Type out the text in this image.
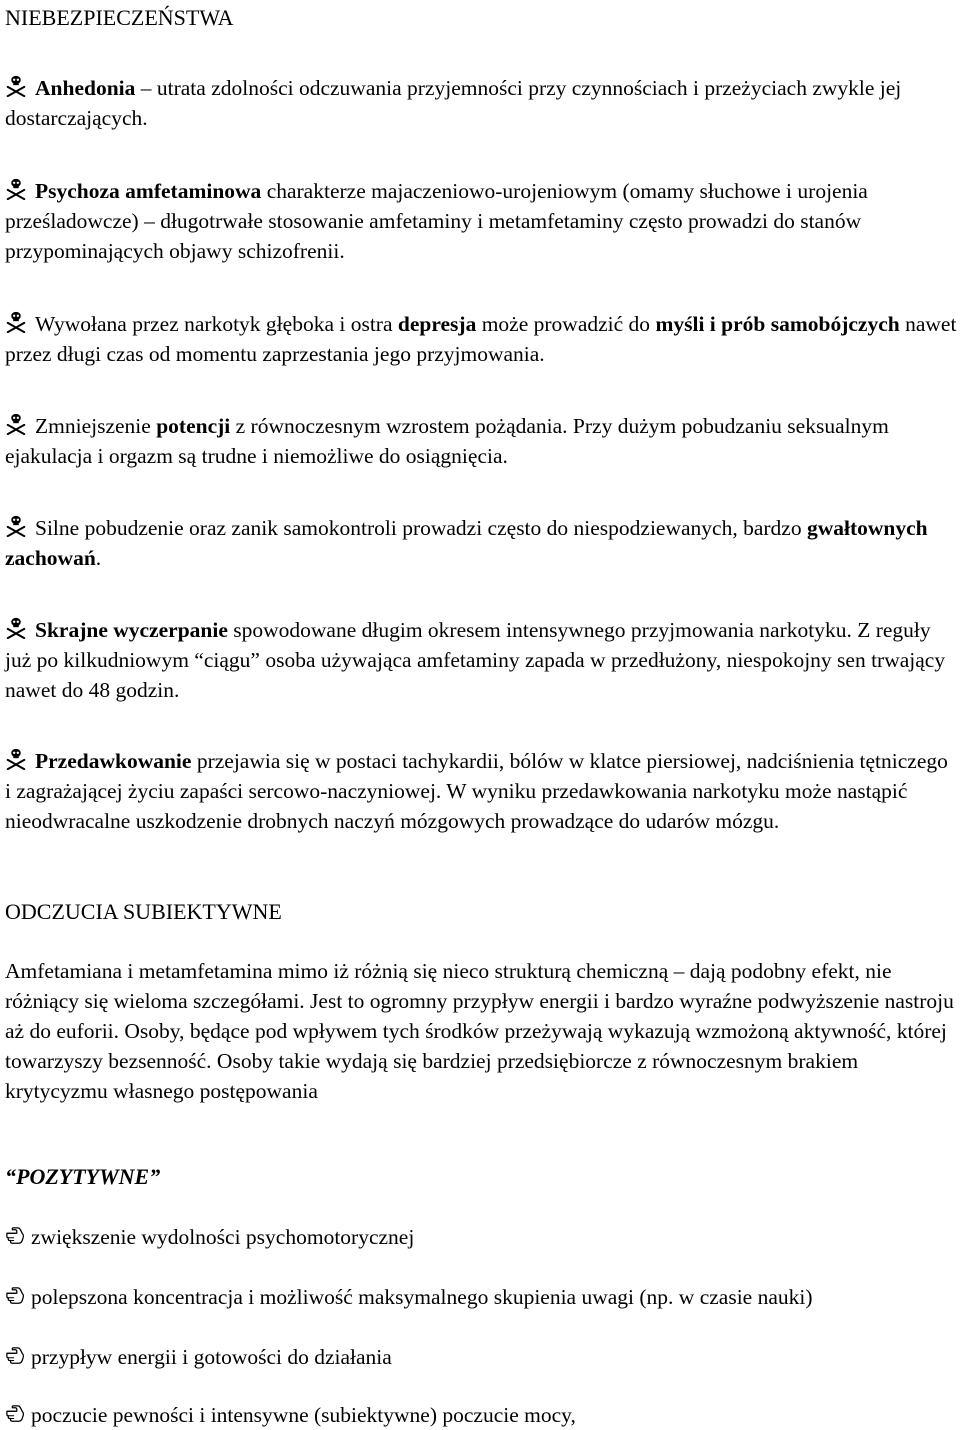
NIEBEZPIECZEŃSTWA

Anhedonia – utrata zdolności odczuwania przyjemności przy czynnościach i przeżyciach zwykle jej dostarczających.

Psychoza amfetaminowa charakterze majaczeniowo-urojeniowym (omamy słuchowe i urojenia prześladowcze) – długotrwałe stosowanie amfetaminy i metamfetaminy często prowadzi do stanów przypominających objawy schizofrenii.

Wywołana przez narkotyk głęboka i ostra depresja może prowadzić do myśli i prób samobójczych nawet przez długi czas od momentu zaprzestania jego przyjmowania.

Zmniejszenie potencji z równoczesnym wzrostem pożądania. Przy dużym pobudzaniu seksualnym ejakulacja i orgazm są trudne i niemożliwe do osiągnięcia.

Silne pobudzenie oraz zanik samokontroli prowadzi często do niespodziewanych, bardzo gwałtownych zachowań.

Skrajne wyczerpanie spowodowane długim okresem intensywnego przyjmowania narkotyku. Z reguły już po kilkudniowym “ciągu” osoba używająca amfetaminy zapada w przedłużony, niespokojny sen trwający nawet do 48 godzin.

Przedawkowanie przejawia się w postaci tachykardii, bólów w klatce piersiowej, nadciśnienia tętniczego i zagrażającej życiu zapaści sercowo-naczyniowej. W wyniku przedawkowania narkotyku może nastąpić nieodwracalne uszkodzenie drobnych naczyń mózgowych prowadzące do udarów mózgu.

ODCZUCIA SUBIEKTYWNE

Amfetamiana i metamfetamina mimo iż różnią się nieco strukturą chemiczną – dają podobny efekt, nie różniący się wieloma szczegółami. Jest to ogromny przypływ energii i bardzo wyraźne podwyższenie nastroju aż do euforii. Osoby, będące pod wpływem tych środków przeżywają wykazują wzmożoną aktywność, której towarzyszy bezsenność. Osoby takie wydają się bardziej przedsiębiorcze z równoczesnym brakiem krytycyzmu własnego postępowania

“POZYTYWNE”
zwiększenie wydolności psychomotorycznej
polepszona koncentracja i możliwość maksymalnego skupienia uwagi (np. w czasie nauki)
przypływ energii i gotowości do działania
poczucie pewności i intensywne (subiektywne) poczucie mocy,
